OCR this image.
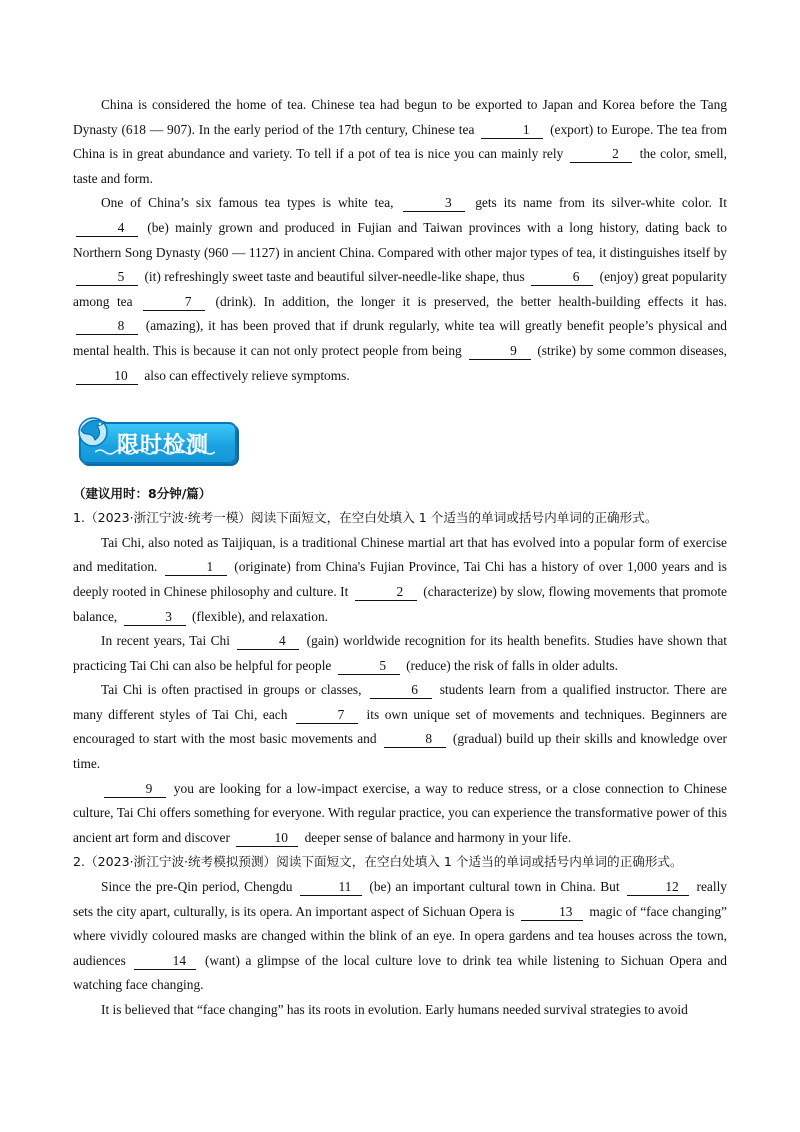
China is considered the home of tea. Chinese tea had begun to be exported to Japan and Korea before the Tang Dynasty (618 — 907). In the early period of the 17th century, Chinese tea	1 (export) to Europe. The tea from China is in great abundance and variety. To tell if a pot of tea is nice you can mainly rely	2 the color, smell, taste and form.

One of China’s six famous tea types is white tea,	3 gets its name from its silver-white color. It 4 (be) mainly grown and produced in Fujian and Taiwan provinces with a long history, dating back to Northern Song Dynasty (960 — 1127) in ancient China. Compared with other major types of tea, it distinguishes itself by 5 (it) refreshingly sweet taste and beautiful silver-needle-like shape, thus	6 (enjoy) great popularity among tea	7 (drink). In addition, the longer it is preserved, the better health-building effects it has. 8 (amazing), it has been proved that if drunk regularly, white tea will greatly benefit people’s physical and mental health. This is because it can not only protect people from being	9 (strike) by some common diseases, 10 also can effectively relieve symptoms.

限时检测

（建议用时：8分钟/篇）

1.（2023·浙江宁波·统考一模）阅读下面短文，在空白处填入 1 个适当的单词或括号内单词的正确形式。

Tai Chi, also noted as Taijiquan, is a traditional Chinese martial art that has evolved into a popular form of exercise and meditation.	1 (originate) from China's Fujian Province, Tai Chi has a history of over 1,000 years and is deeply rooted in Chinese philosophy and culture. It	2 (characterize) by slow, flowing movements that promote balance,	3 (flexible), and relaxation.

In recent years, Tai Chi	4 (gain) worldwide recognition for its health benefits. Studies have shown that practicing Tai Chi can also be helpful for people	5 (reduce) the risk of falls in older adults.

Tai Chi is often practised in groups or classes,	6 students learn from a qualified instructor. There are many different styles of Tai Chi, each	7 its own unique set of movements and techniques. Beginners are encouraged to start with the most basic movements and	8 (gradual) build up their skills and knowledge over time.

9 you are looking for a low-impact exercise, a way to reduce stress, or a close connection to Chinese culture, Tai Chi offers something for everyone. With regular practice, you can experience the transformative power of this ancient art form and discover	10 deeper sense of balance and harmony in your life.

2.（2023·浙江宁波·统考模拟预测）阅读下面短文，在空白处填入 1 个适当的单词或括号内单词的正确形式。

Since the pre-Qin period, Chengdu	11 (be) an important cultural town in China. But	12 really sets the city apart, culturally, is its opera. An important aspect of Sichuan Opera is	13 magic of “face changing” where vividly coloured masks are changed within the blink of an eye. In opera gardens and tea houses across the town, audiences	14 (want) a glimpse of the local culture love to drink tea while listening to Sichuan Opera and watching face changing.

It is believed that “face changing” has its roots in evolution. Early humans needed survival strategies to avoid
